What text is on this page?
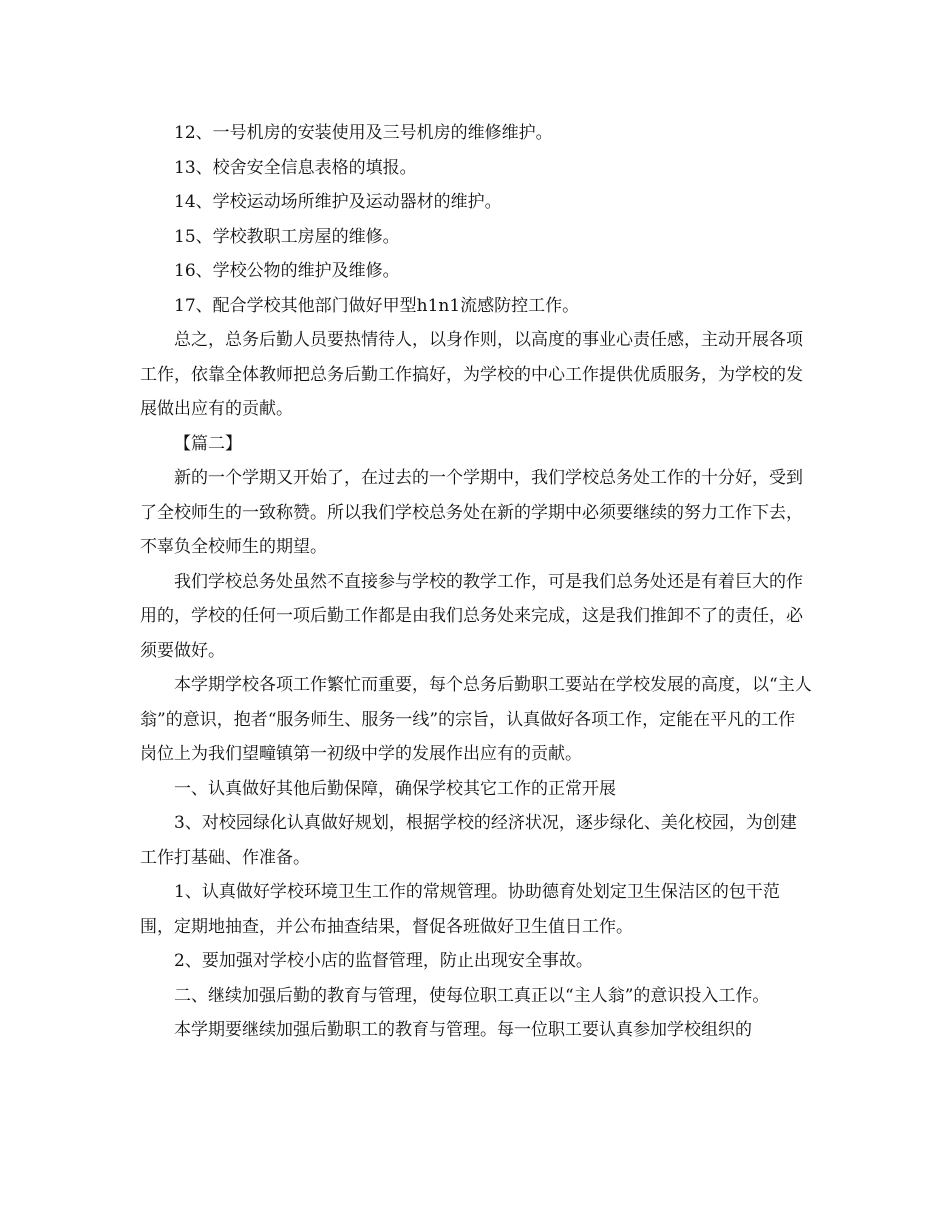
12、一号机房的安装使用及三号机房的维修维护。

13、校舍安全信息表格的填报。

14、学校运动场所维护及运动器材的维护。

15、学校教职工房屋的维修。

16、学校公物的维护及维修。

17、配合学校其他部门做好甲型h1n1流感防控工作。

总之，总务后勤人员要热情待人，以身作则，以高度的事业心责任感，主动开展各项工作，依靠全体教师把总务后勤工作搞好，为学校的中心工作提供优质服务，为学校的发展做出应有的贡献。

【篇二】

新的一个学期又开始了，在过去的一个学期中，我们学校总务处工作的十分好，受到了全校师生的一致称赞。所以我们学校总务处在新的学期中必须要继续的努力工作下去，不辜负全校师生的期望。

我们学校总务处虽然不直接参与学校的教学工作，可是我们总务处还是有着巨大的作用的，学校的任何一项后勤工作都是由我们总务处来完成，这是我们推卸不了的责任，必须要做好。

本学期学校各项工作繁忙而重要，每个总务后勤职工要站在学校发展的高度，以“主人翁”的意识，抱者“服务师生、服务一线”的宗旨，认真做好各项工作，定能在平凡的工作岗位上为我们望疃镇第一初级中学的发展作出应有的贡献。

一、认真做好其他后勤保障，确保学校其它工作的正常开展

3、对校园绿化认真做好规划，根据学校的经济状况，逐步绿化、美化校园，为创建工作打基础、作准备。

1、认真做好学校环境卫生工作的常规管理。协助德育处划定卫生保洁区的包干范围，定期地抽查，并公布抽查结果，督促各班做好卫生值日工作。

2、要加强对学校小店的监督管理，防止出现安全事故。

二、继续加强后勤的教育与管理，使每位职工真正以“主人翁”的意识投入工作。

本学期要继续加强后勤职工的教育与管理。每一位职工要认真参加学校组织的
